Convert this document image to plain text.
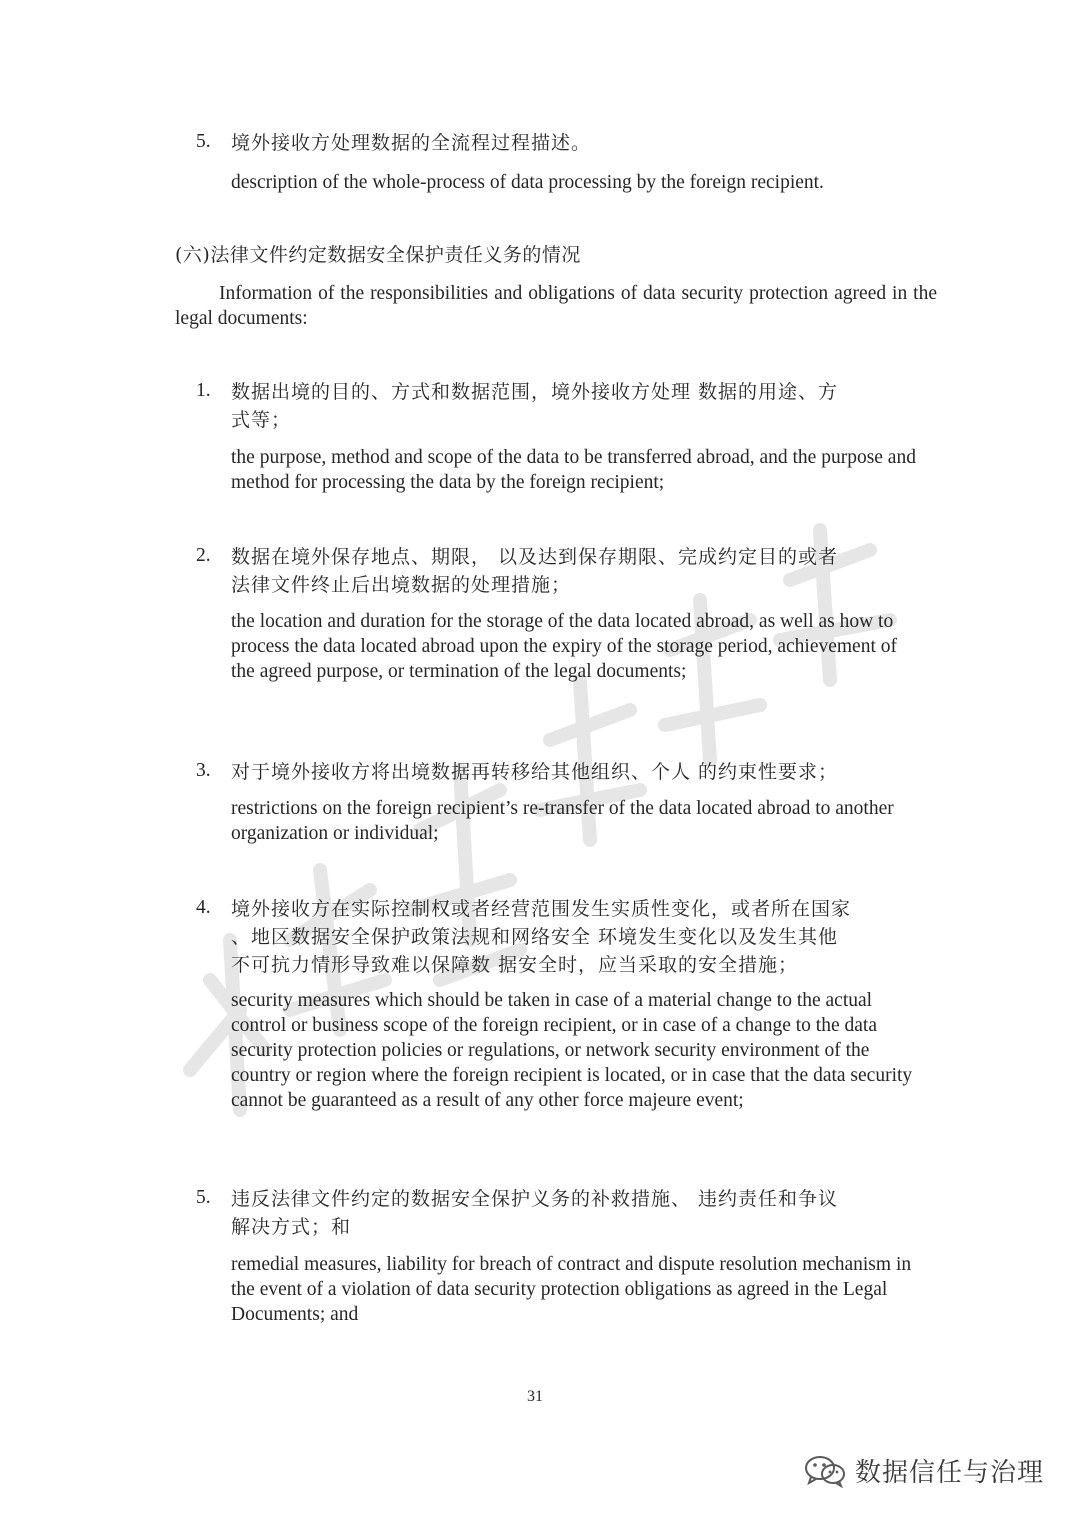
5. 境外接收方处理数据的全流程过程描述。
description of the whole-process of data processing by the foreign recipient.
(六)法律文件约定数据安全保护责任义务的情况
Information of the responsibilities and obligations of data security protection agreed in the legal documents:
1. 数据出境的目的、方式和数据范围，境外接收方处理 数据的用途、方
式等；
the purpose, method and scope of the data to be transferred abroad, and the purpose and method for processing the data by the foreign recipient;
2. 数据在境外保存地点、期限， 以及达到保存期限、完成约定目的或者
法律文件终止后出境数据的处理措施；
the location and duration for the storage of the data located abroad, as well as how to process the data located abroad upon the expiry of the storage period, achievement of the agreed purpose, or termination of the legal documents;
3. 对于境外接收方将出境数据再转移给其他组织、个人 的约束性要求；
restrictions on the foreign recipient’s re-transfer of the data located abroad to another organization or individual;
4. 境外接收方在实际控制权或者经营范围发生实质性变化，或者所在国家
、地区数据安全保护政策法规和网络安全 环境发生变化以及发生其他
不可抗力情形导致难以保障数 据安全时，应当采取的安全措施；
security measures which should be taken in case of a material change to the actual control or business scope of the foreign recipient, or in case of a change to the data security protection policies or regulations, or network security environment of the country or region where the foreign recipient is located, or in case that the data security cannot be guaranteed as a result of any other force majeure event;
5. 违反法律文件约定的数据安全保护义务的补救措施、 违约责任和争议
解决方式；和
remedial measures, liability for breach of contract and dispute resolution mechanism in the event of a violation of data security protection obligations as agreed in the Legal Documents; and
31
数据信任与治理
